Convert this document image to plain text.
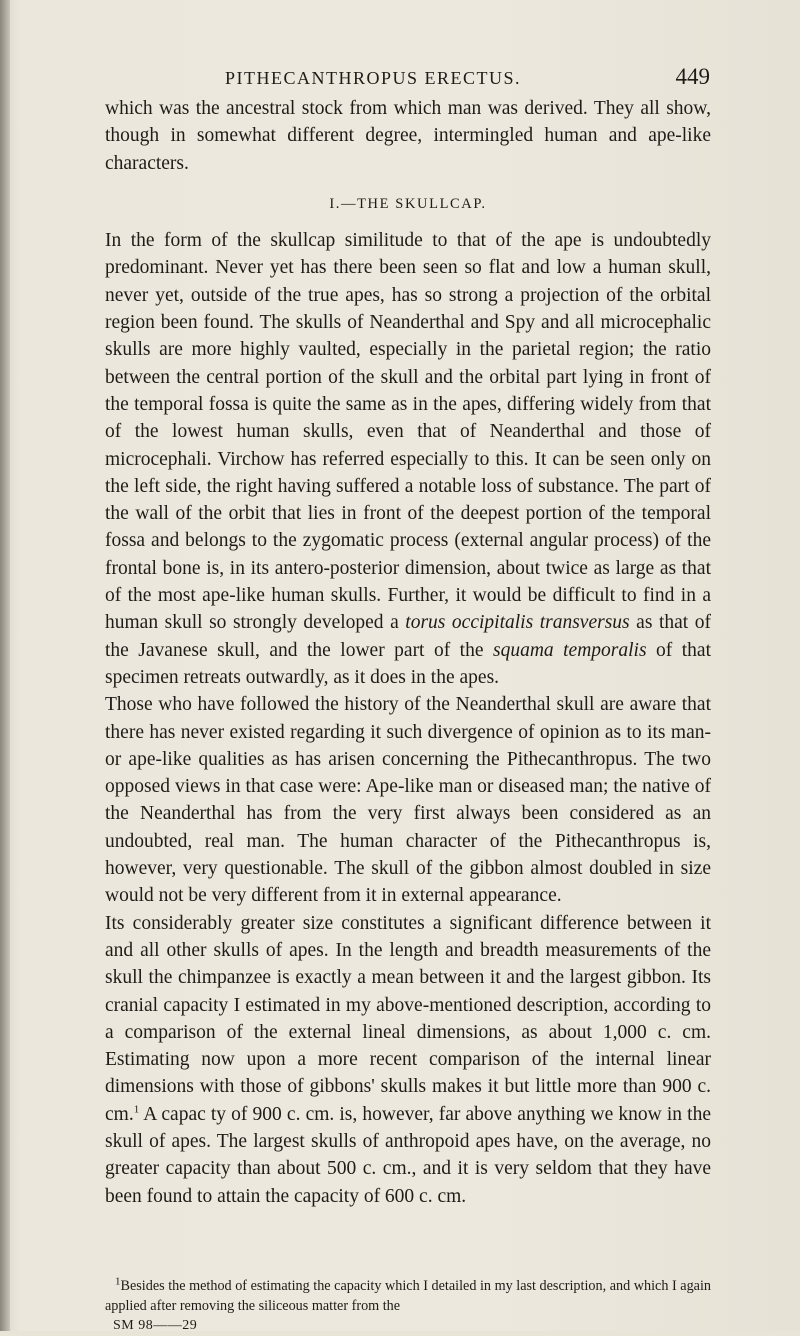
PITHECANTHROPUS ERECTUS.	449

which was the ancestral stock from which man was derived. They all show, though in somewhat different degree, intermingled human and ape-like characters.

I.—THE SKULLCAP.

In the form of the skullcap similitude to that of the ape is undoubtedly predominant. Never yet has there been seen so flat and low a human skull, never yet, outside of the true apes, has so strong a projection of the orbital region been found. The skulls of Neanderthal and Spy and all microcephalic skulls are more highly vaulted, especially in the parietal region; the ratio between the central portion of the skull and the orbital part lying in front of the temporal fossa is quite the same as in the apes, differing widely from that of the lowest human skulls, even that of Neanderthal and those of microcephali. Virchow has referred especially to this. It can be seen only on the left side, the right having suffered a notable loss of substance. The part of the wall of the orbit that lies in front of the deepest portion of the temporal fossa and belongs to the zygomatic process (external angular process) of the frontal bone is, in its antero-posterior dimension, about twice as large as that of the most ape-like human skulls. Further, it would be difficult to find in a human skull so strongly developed a torus occipitalis transversus as that of the Javanese skull, and the lower part of the squama temporalis of that specimen retreats outwardly, as it does in the apes.

Those who have followed the history of the Neanderthal skull are aware that there has never existed regarding it such divergence of opinion as to its man- or ape-like qualities as has arisen concerning the Pithecanthropus. The two opposed views in that case were: Ape-like man or diseased man; the native of the Neanderthal has from the very first always been considered as an undoubted, real man. The human character of the Pithecanthropus is, however, very questionable. The skull of the gibbon almost doubled in size would not be very different from it in external appearance.

Its considerably greater size constitutes a significant difference between it and all other skulls of apes. In the length and breadth measurements of the skull the chimpanzee is exactly a mean between it and the largest gibbon. Its cranial capacity I estimated in my above-mentioned description, according to a comparison of the external lineal dimensions, as about 1,000 c. cm. Estimating now upon a more recent comparison of the internal linear dimensions with those of gibbons' skulls makes it but little more than 900 c. cm.$^1$ A capac ty of 900 c. cm. is, however, far above anything we know in the skull of apes. The largest skulls of anthropoid apes have, on the average, no greater capacity than about 500 c. cm., and it is very seldom that they have been found to attain the capacity of 600 c. cm.

$^1$Besides the method of estimating the capacity which I detailed in my last description, and which I again applied after removing the siliceous matter from the

SM 98——29
